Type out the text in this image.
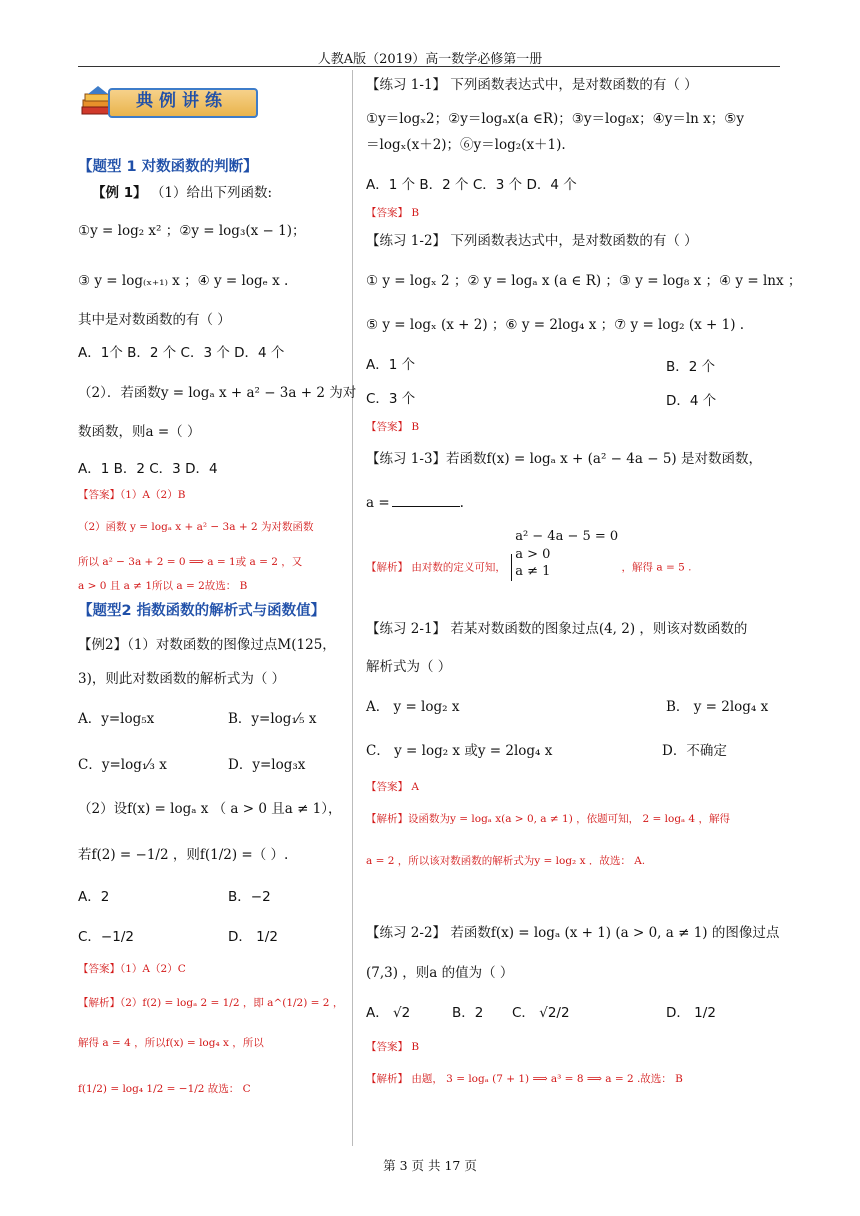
人教A版（2019）高一数学必修第一册
典例讲练
【题型 1 对数函数的判断】
【例 1】 （1）给出下列函数:
①y = log₂ x² ；②y = log₃(x − 1)；
③ y = log₍ₓ₊₁₎ x ；④ y = logₑ x .
其中是对数函数的有（ ）
A．1个 B．2 个 C．3 个 D．4 个
（2）．若函数y = logₐ x + a² − 3a + 2 为对
数函数，则a =（ ）
A．1 B．2 C．3 D．4
【答案】（1）A（2）B
（2）函数 y = logₐ x + a² − 3a + 2 为对数函数
所以 a² − 3a + 2 = 0 ⟹ a = 1或 a = 2 ，又
a > 0 且 a ≠ 1所以 a = 2故选： B
【题型2 指数函数的解析式与函数值】
【例2】（1）对数函数的图像过点M(125，
3)，则此对数函数的解析式为（ ）
A．y=log₅x	B．y=log₁⁄₅ x
C．y=log₁⁄₃ x	D．y=log₃x
（2）设f(x) = logₐ x （ a > 0 且a ≠ 1），
若f(2) = −1/2 ，则f(1/2) =（ ）.
A．2	B．−2
C．−1/2	D． 1/2
【答案】（1）A（2）C
【解析】（2）f(2) = logₐ 2 = 1/2 ，即 a^(1/2) = 2 ，
解得 a = 4 ，所以f(x) = log₄ x ，所以
f(1/2) = log₄ 1/2 = −1/2 故选： C
【练习 1-1】 下列函数表达式中，是对数函数的有（ ）
①y＝logₓ2；②y＝logₐx(a ∈R)；③y＝log₈x；④y＝ln x；⑤y
＝logₓ(x＋2)；⑥y＝log₂(x＋1).
A．1 个 B．2 个 C．3 个 D．4 个
【答案】 B
【练习 1-2】 下列函数表达式中，是对数函数的有（ ）
① y = logₓ 2 ；② y = logₐ x (a ∈ R) ；③ y = log₈ x ；④ y = lnx ；
⑤ y = logₓ (x + 2) ；⑥ y = 2log₄ x ；⑦ y = log₂ (x + 1) .
A．1 个	B．2 个
C．3 个	D．4 个
【答案】 B
【练习 1-3】若函数f(x) = logₐ x + (a² − 4a − 5) 是对数函数，
a =	.
【解析】 由对数的定义可知，
a² − 4a − 5 = 0
a > 0
a ≠ 1	，解得 a = 5 .
【练习 2-1】 若某对数函数的图象过点(4, 2) ，则该对数函数的
解析式为（ ）
A． y = log₂ x	B． y = 2log₄ x
C． y = log₂ x 或y = 2log₄ x	D．不确定
【答案】 A
【解析】设函数为y = logₐ x(a > 0, a ≠ 1) ，依题可知， 2 = logₐ 4 ，解得
a = 2 ，所以该对数函数的解析式为y = log₂ x ．故选： A.
【练习 2-2】 若函数f(x) = logₐ (x + 1) (a > 0, a ≠ 1) 的图像过点
(7,3) ，则a 的值为（ ）
A． √2	B．2 C． √2/2	D． 1/2
【答案】 B
【解析】 由题， 3 = logₐ (7 + 1) ⟹ a³ = 8 ⟹ a = 2 .故选： B
第 3 页 共 17 页
